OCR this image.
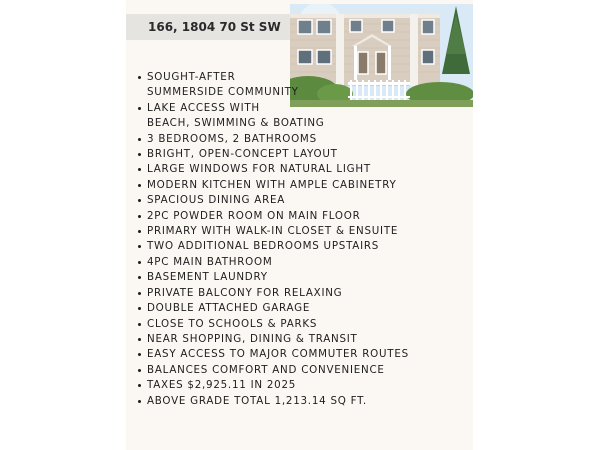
166, 1804 70 St SW
SOUGHT-AFTER
SUMMERSIDE COMMUNITY
LAKE ACCESS WITH
BEACH, SWIMMING & BOATING
3 BEDROOMS, 2 BATHROOMS
BRIGHT, OPEN-CONCEPT LAYOUT
LARGE WINDOWS FOR NATURAL LIGHT
MODERN KITCHEN WITH AMPLE CABINETRY
SPACIOUS DINING AREA
2PC POWDER ROOM ON MAIN FLOOR
PRIMARY WITH WALK-IN CLOSET & ENSUITE
TWO ADDITIONAL BEDROOMS UPSTAIRS
4PC MAIN BATHROOM
BASEMENT LAUNDRY
PRIVATE BALCONY FOR RELAXING
DOUBLE ATTACHED GARAGE
CLOSE TO SCHOOLS & PARKS
NEAR SHOPPING, DINING & TRANSIT
EASY ACCESS TO MAJOR COMMUTER ROUTES
BALANCES COMFORT AND CONVENIENCE
TAXES $2,925.11 IN 2025
ABOVE GRADE TOTAL 1,213.14 SQ FT.
